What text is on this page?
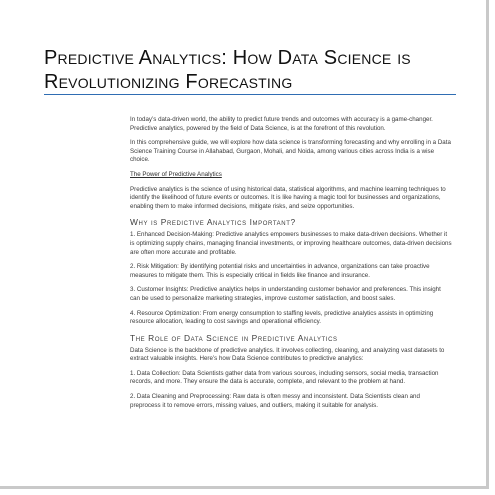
Predictive Analytics: How Data Science is
Revolutionizing Forecasting

In today’s data-driven world, the ability to predict future trends and outcomes with accuracy is a game-changer. Predictive analytics, powered by the field of Data Science, is at the forefront of this revolution.

In this comprehensive guide, we will explore how data science is transforming forecasting and why enrolling in a Data Science Training Course in Allahabad, Gurgaon, Mohali, and Noida, among various cities across India is a wise choice.

The Power of Predictive Analytics

Predictive analytics is the science of using historical data, statistical algorithms, and machine learning techniques to identify the likelihood of future events or outcomes. It is like having a magic tool for businesses and organizations, enabling them to make informed decisions, mitigate risks, and seize opportunities.

Why is Predictive Analytics Important?

1. Enhanced Decision-Making: Predictive analytics empowers businesses to make data-driven decisions. Whether it is optimizing supply chains, managing financial investments, or improving healthcare outcomes, data-driven decisions are often more accurate and profitable.

2. Risk Mitigation: By identifying potential risks and uncertainties in advance, organizations can take proactive measures to mitigate them. This is especially critical in fields like finance and insurance.

3. Customer Insights: Predictive analytics helps in understanding customer behavior and preferences. This insight can be used to personalize marketing strategies, improve customer satisfaction, and boost sales.

4. Resource Optimization: From energy consumption to staffing levels, predictive analytics assists in optimizing resource allocation, leading to cost savings and operational efficiency.

The Role of Data Science in Predictive Analytics

Data Science is the backbone of predictive analytics. It involves collecting, cleaning, and analyzing vast datasets to extract valuable insights. Here’s how Data Science contributes to predictive analytics:

1. Data Collection: Data Scientists gather data from various sources, including sensors, social media, transaction records, and more. They ensure the data is accurate, complete, and relevant to the problem at hand.

2. Data Cleaning and Preprocessing: Raw data is often messy and inconsistent. Data Scientists clean and preprocess it to remove errors, missing values, and outliers, making it suitable for analysis.
